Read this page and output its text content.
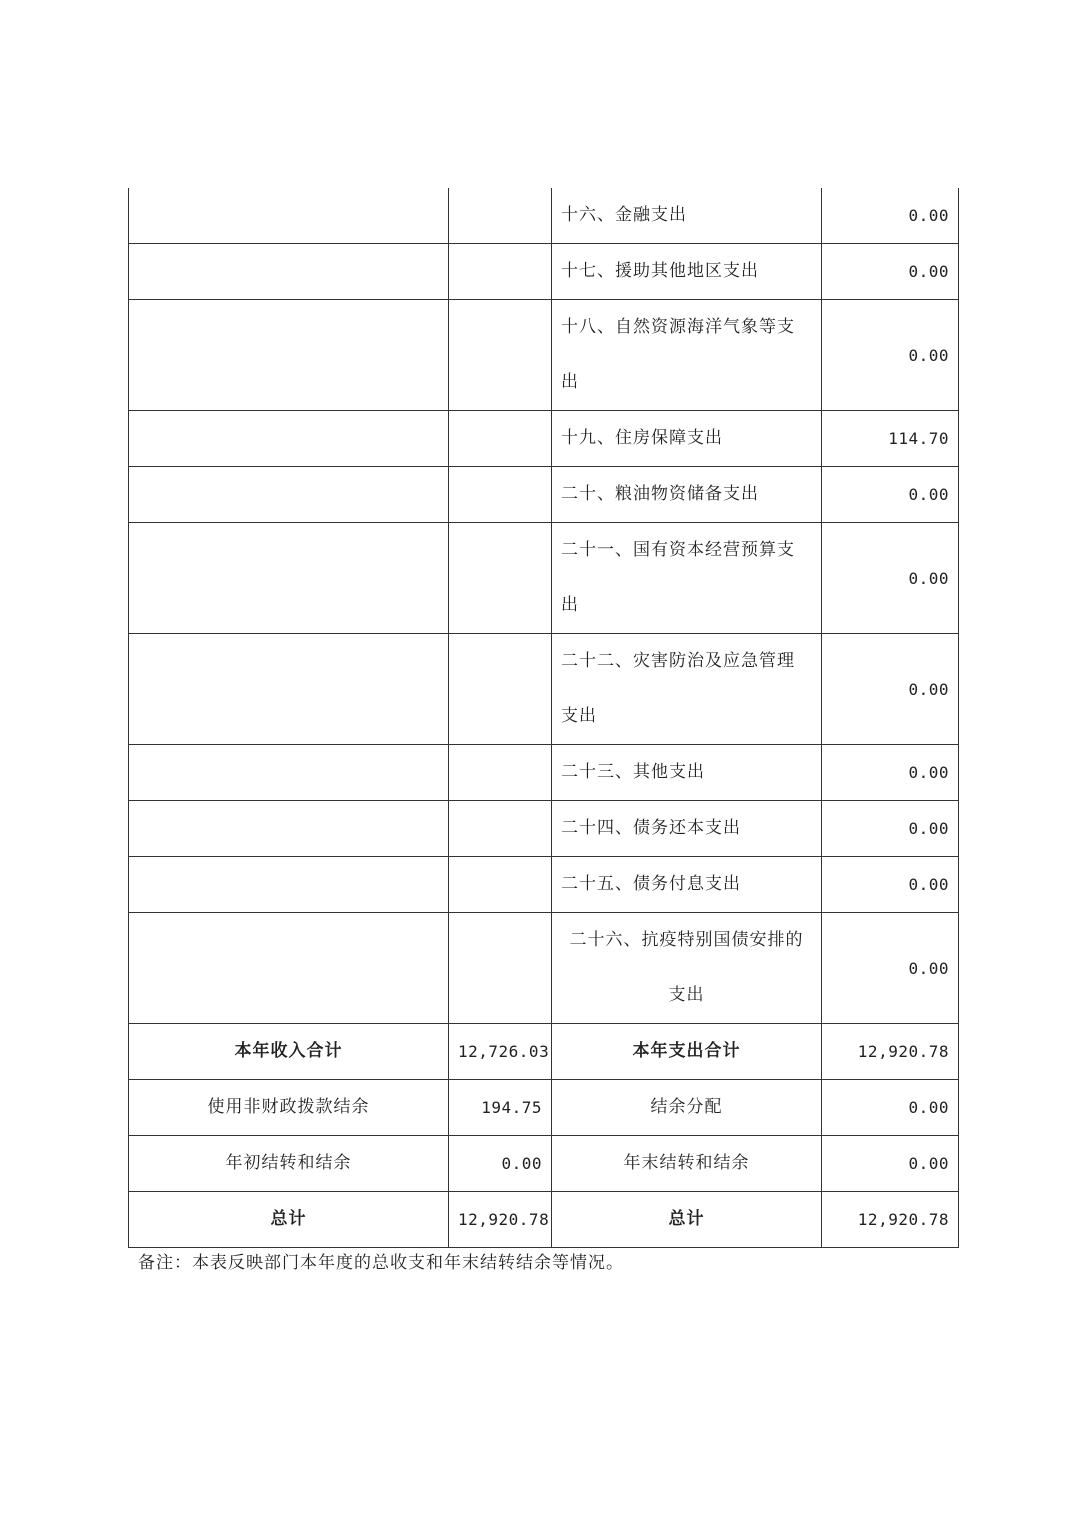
		十六、金融支出	0.00
		十七、援助其他地区支出	0.00
		十八、自然资源海洋气象等支出	0.00
		十九、住房保障支出	114.70
		二十、粮油物资储备支出	0.00
		二十一、国有资本经营预算支出	0.00
		二十二、灾害防治及应急管理支出	0.00
		二十三、其他支出	0.00
		二十四、债务还本支出	0.00
		二十五、债务付息支出	0.00
		二十六、抗疫特别国债安排的支出	0.00
本年收入合计	12,726.03	本年支出合计	12,920.78
使用非财政拨款结余	194.75	结余分配	0.00
年初结转和结余	0.00	年末结转和结余	0.00
总计	12,920.78	总计	12,920.78
备注：本表反映部门本年度的总收支和年末结转结余等情况。
